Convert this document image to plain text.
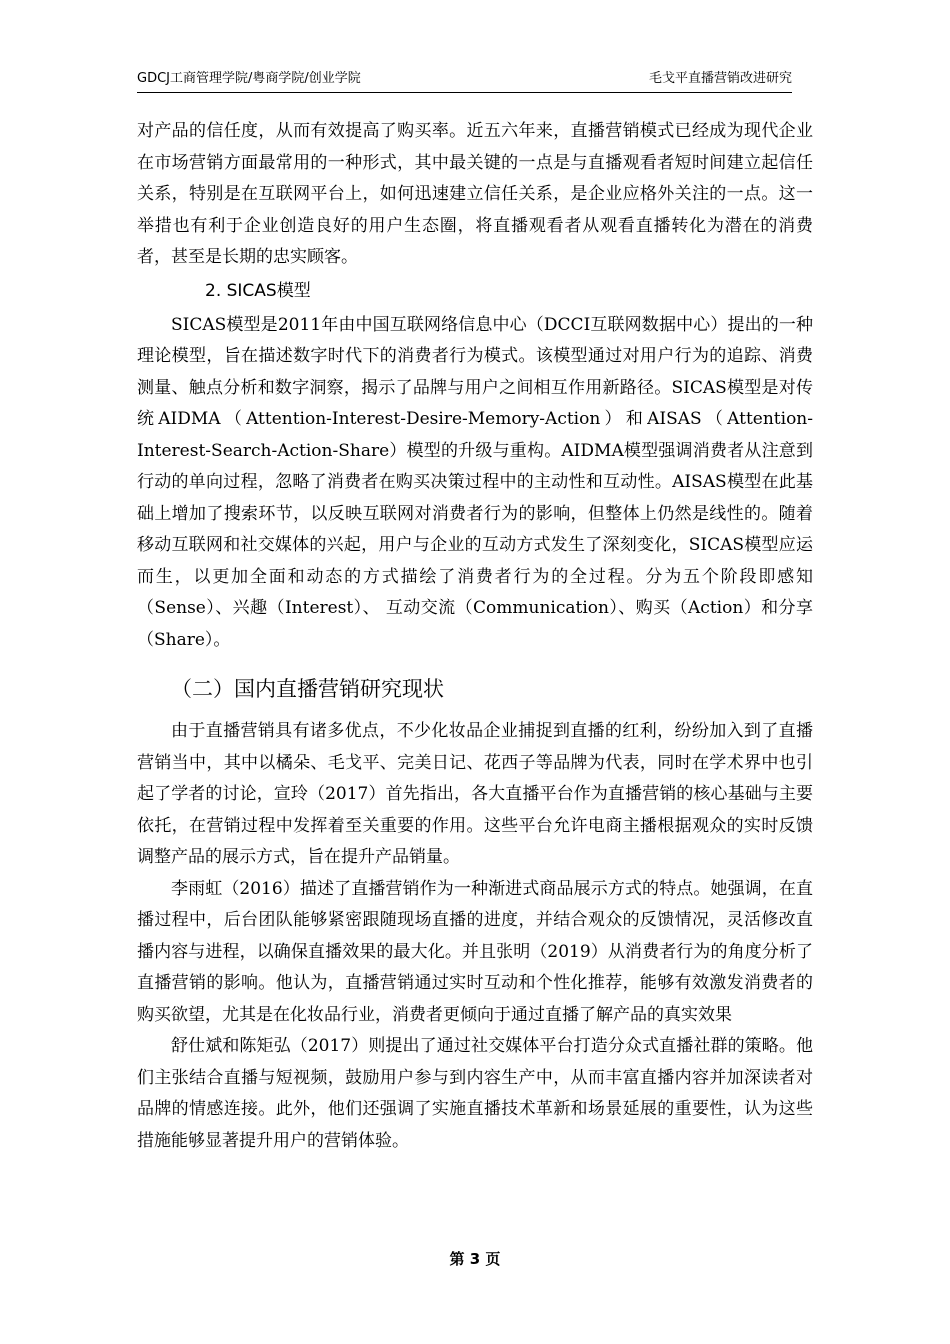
GDCJ工商管理学院/粤商学院/创业学院	毛戈平直播营销改进研究

对产品的信任度，从而有效提高了购买率。近五六年来，直播营销模式已经成为现代企业在市场营销方面最常用的一种形式，其中最关键的一点是与直播观看者短时间建立起信任关系，特别是在互联网平台上，如何迅速建立信任关系，是企业应格外关注的一点。这一举措也有利于企业创造良好的用户生态圈，将直播观看者从观看直播转化为潜在的消费者，甚至是长期的忠实顾客。

2. SICAS模型

SICAS模型是2011年由中国互联网络信息中心（DCCI互联网数据中心）提出的一种理论模型，旨在描述数字时代下的消费者行为模式。该模型通过对用户行为的追踪、消费测量、触点分析和数字洞察，揭示了品牌与用户之间相互作用新路径。SICAS模型是对传统AIDMA（Attention-Interest-Desire-Memory-Action）和AISAS（Attention-Interest-Search-Action-Share）模型的升级与重构。AIDMA模型强调消费者从注意到行动的单向过程，忽略了消费者在购买决策过程中的主动性和互动性。AISAS模型在此基础上增加了搜索环节，以反映互联网对消费者行为的影响，但整体上仍然是线性的。随着移动互联网和社交媒体的兴起，用户与企业的互动方式发生了深刻变化，SICAS模型应运而生，以更加全面和动态的方式描绘了消费者行为的全过程。分为五个阶段即感知（Sense）、兴趣（Interest）、 互动交流（Communication）、购买（Action）和分享（Share）。

（二）国内直播营销研究现状

由于直播营销具有诸多优点，不少化妆品企业捕捉到直播的红利，纷纷加入到了直播营销当中，其中以橘朵、毛戈平、完美日记、花西子等品牌为代表，同时在学术界中也引起了学者的讨论，宣玲（2017）首先指出，各大直播平台作为直播营销的核心基础与主要依托，在营销过程中发挥着至关重要的作用。这些平台允许电商主播根据观众的实时反馈调整产品的展示方式，旨在提升产品销量。

李雨虹（2016）描述了直播营销作为一种渐进式商品展示方式的特点。她强调，在直播过程中，后台团队能够紧密跟随现场直播的进度，并结合观众的反馈情况，灵活修改直播内容与进程，以确保直播效果的最大化。并且张明（2019）从消费者行为的角度分析了直播营销的影响。他认为，直播营销通过实时互动和个性化推荐，能够有效激发消费者的购买欲望，尤其是在化妆品行业，消费者更倾向于通过直播了解产品的真实效果

舒仕斌和陈矩弘（2017）则提出了通过社交媒体平台打造分众式直播社群的策略。他们主张结合直播与短视频，鼓励用户参与到内容生产中，从而丰富直播内容并加深读者对品牌的情感连接。此外，他们还强调了实施直播技术革新和场景延展的重要性，认为这些措施能够显著提升用户的营销体验。

第 3 页
